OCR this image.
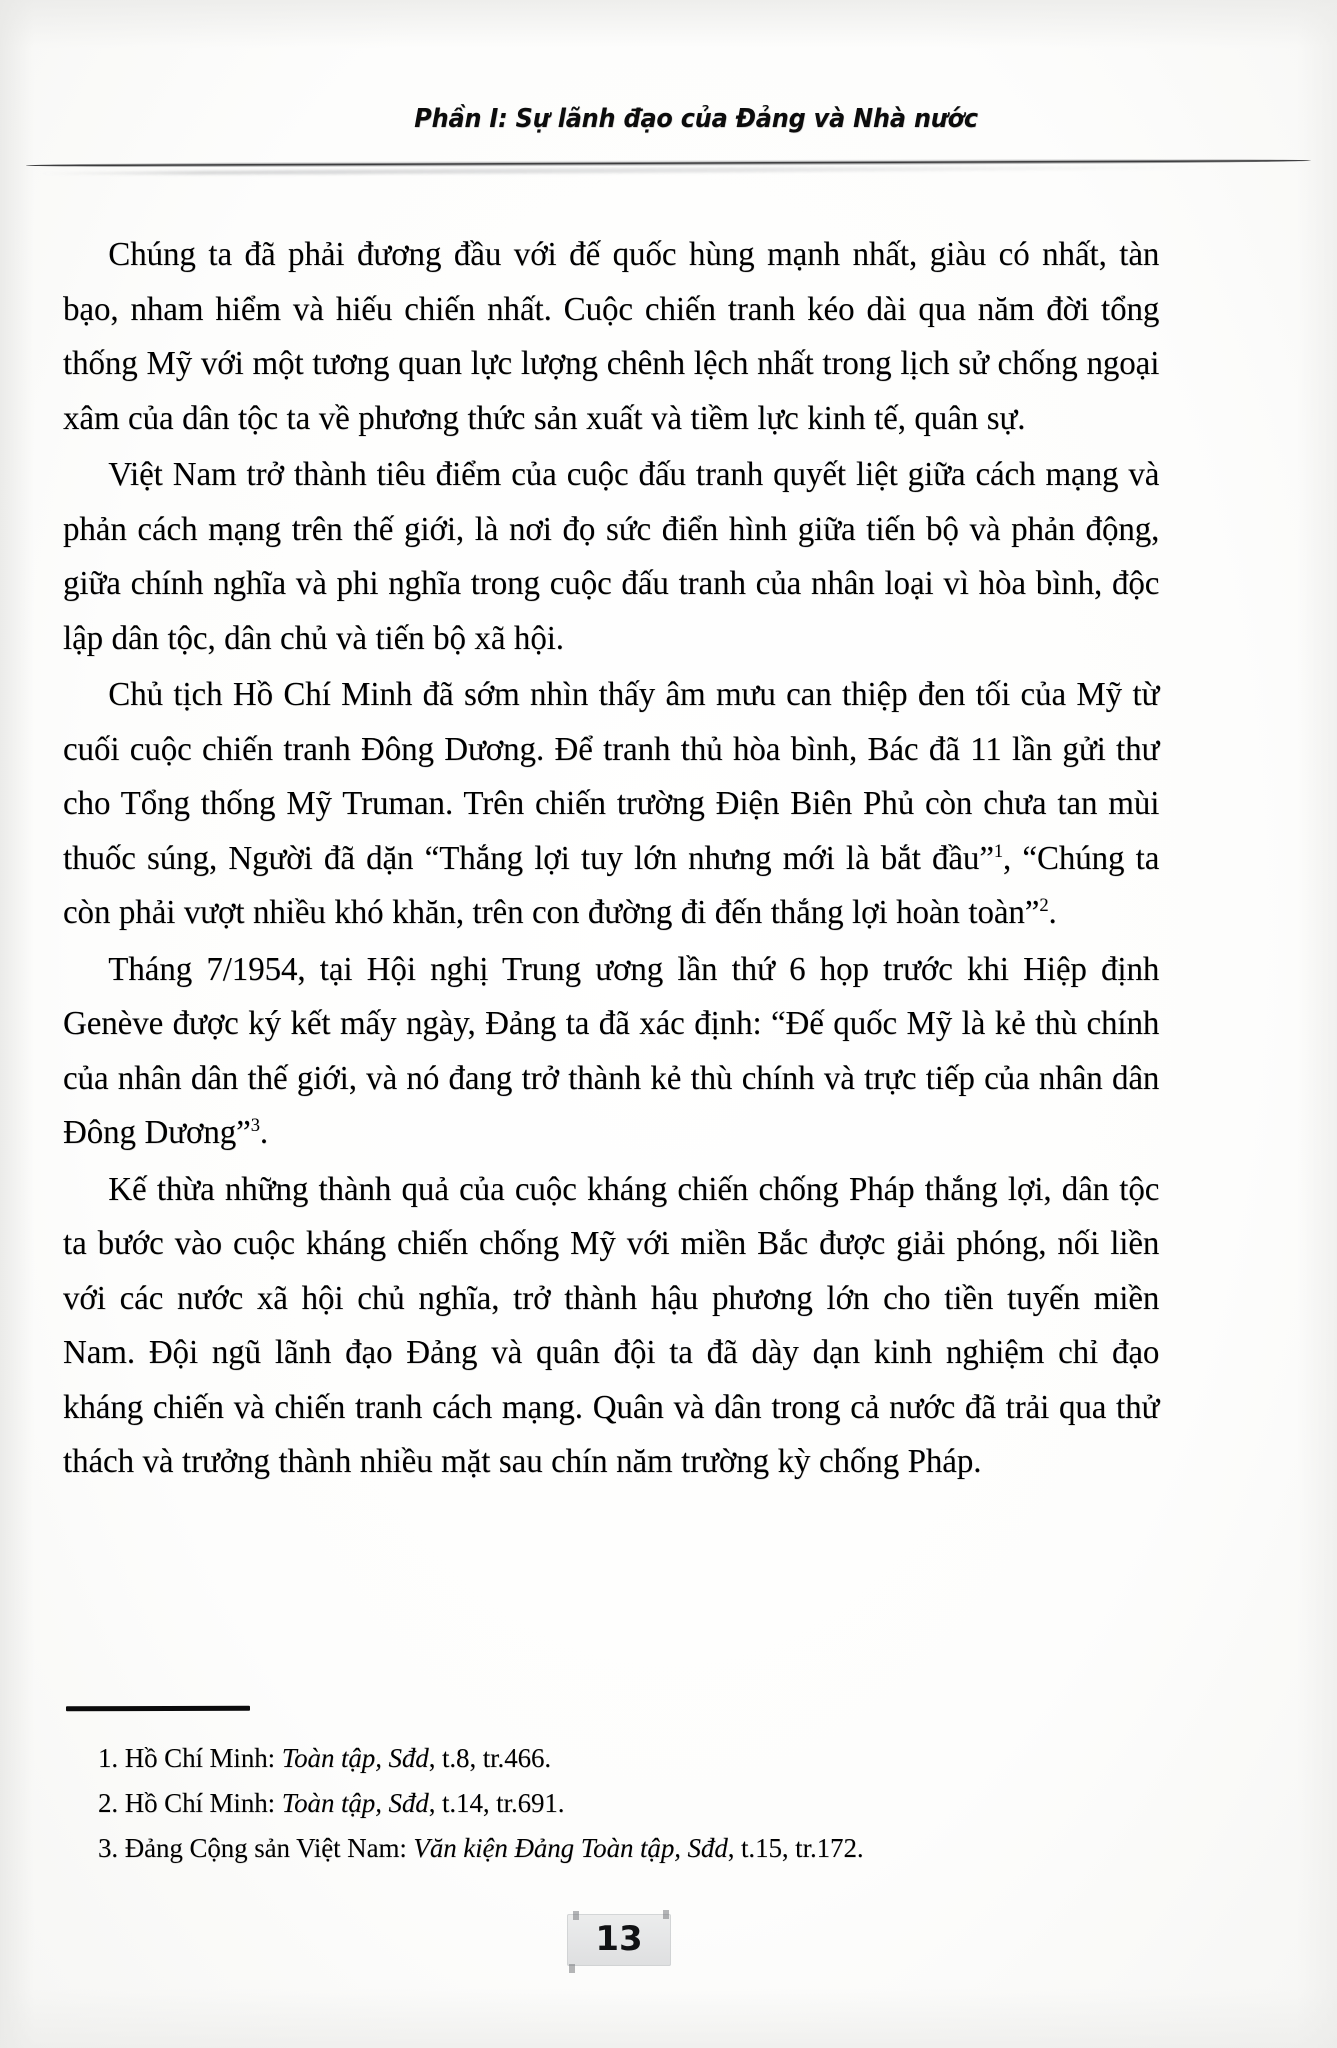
Phần I: Sự lãnh đạo của Đảng và Nhà nước

Chúng ta đã phải đương đầu với đế quốc hùng mạnh nhất, giàu có nhất, tàn bạo, nham hiểm và hiếu chiến nhất. Cuộc chiến tranh kéo dài qua năm đời tổng thống Mỹ với một tương quan lực lượng chênh lệch nhất trong lịch sử chống ngoại xâm của dân tộc ta về phương thức sản xuất và tiềm lực kinh tế, quân sự.

Việt Nam trở thành tiêu điểm của cuộc đấu tranh quyết liệt giữa cách mạng và phản cách mạng trên thế giới, là nơi đọ sức điển hình giữa tiến bộ và phản động, giữa chính nghĩa và phi nghĩa trong cuộc đấu tranh của nhân loại vì hòa bình, độc lập dân tộc, dân chủ và tiến bộ xã hội.

Chủ tịch Hồ Chí Minh đã sớm nhìn thấy âm mưu can thiệp đen tối của Mỹ từ cuối cuộc chiến tranh Đông Dương. Để tranh thủ hòa bình, Bác đã 11 lần gửi thư cho Tổng thống Mỹ Truman. Trên chiến trường Điện Biên Phủ còn chưa tan mùi thuốc súng, Người đã dặn “Thắng lợi tuy lớn nhưng mới là bắt đầu”$^1$, “Chúng ta còn phải vượt nhiều khó khăn, trên con đường đi đến thắng lợi hoàn toàn”$^2$.

Tháng 7/1954, tại Hội nghị Trung ương lần thứ 6 họp trước khi Hiệp định Genève được ký kết mấy ngày, Đảng ta đã xác định: “Đế quốc Mỹ là kẻ thù chính của nhân dân thế giới, và nó đang trở thành kẻ thù chính và trực tiếp của nhân dân Đông Dương”$^3$.

Kế thừa những thành quả của cuộc kháng chiến chống Pháp thắng lợi, dân tộc ta bước vào cuộc kháng chiến chống Mỹ với miền Bắc được giải phóng, nối liền với các nước xã hội chủ nghĩa, trở thành hậu phương lớn cho tiền tuyến miền Nam. Đội ngũ lãnh đạo Đảng và quân đội ta đã dày dạn kinh nghiệm chỉ đạo kháng chiến và chiến tranh cách mạng. Quân và dân trong cả nước đã trải qua thử thách và trưởng thành nhiều mặt sau chín năm trường kỳ chống Pháp.

1. Hồ Chí Minh: Toàn tập, Sđd, t.8, tr.466.
2. Hồ Chí Minh: Toàn tập, Sđd, t.14, tr.691.
3. Đảng Cộng sản Việt Nam: Văn kiện Đảng Toàn tập, Sđd, t.15, tr.172.
13
